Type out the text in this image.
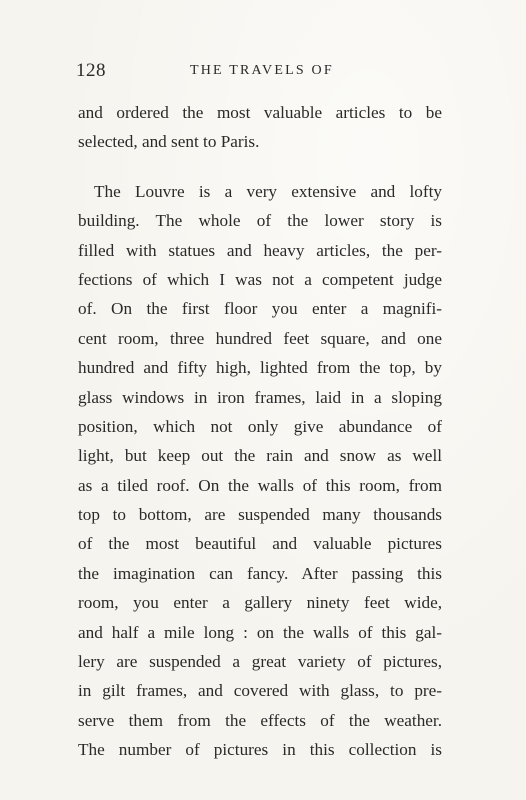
128	THE TRAVELS OF
and ordered the most valuable articles to be
selected, and sent to Paris.
The Louvre is a very extensive and lofty
building. The whole of the lower story is
filled with statues and heavy articles, the per-
fections of which I was not a competent judge
of. On the first floor you enter a magnifi-
cent room, three hundred feet square, and one
hundred and fifty high, lighted from the top, by
glass windows in iron frames, laid in a sloping
position, which not only give abundance of
light, but keep out the rain and snow as well
as a tiled roof. On the walls of this room, from
top to bottom, are suspended many thousands
of the most beautiful and valuable pictures
the imagination can fancy. After passing this
room, you enter a gallery ninety feet wide,
and half a mile long : on the walls of this gal-
lery are suspended a great variety of pictures,
in gilt frames, and covered with glass, to pre-
serve them from the effects of the weather.
The number of pictures in this collection is
